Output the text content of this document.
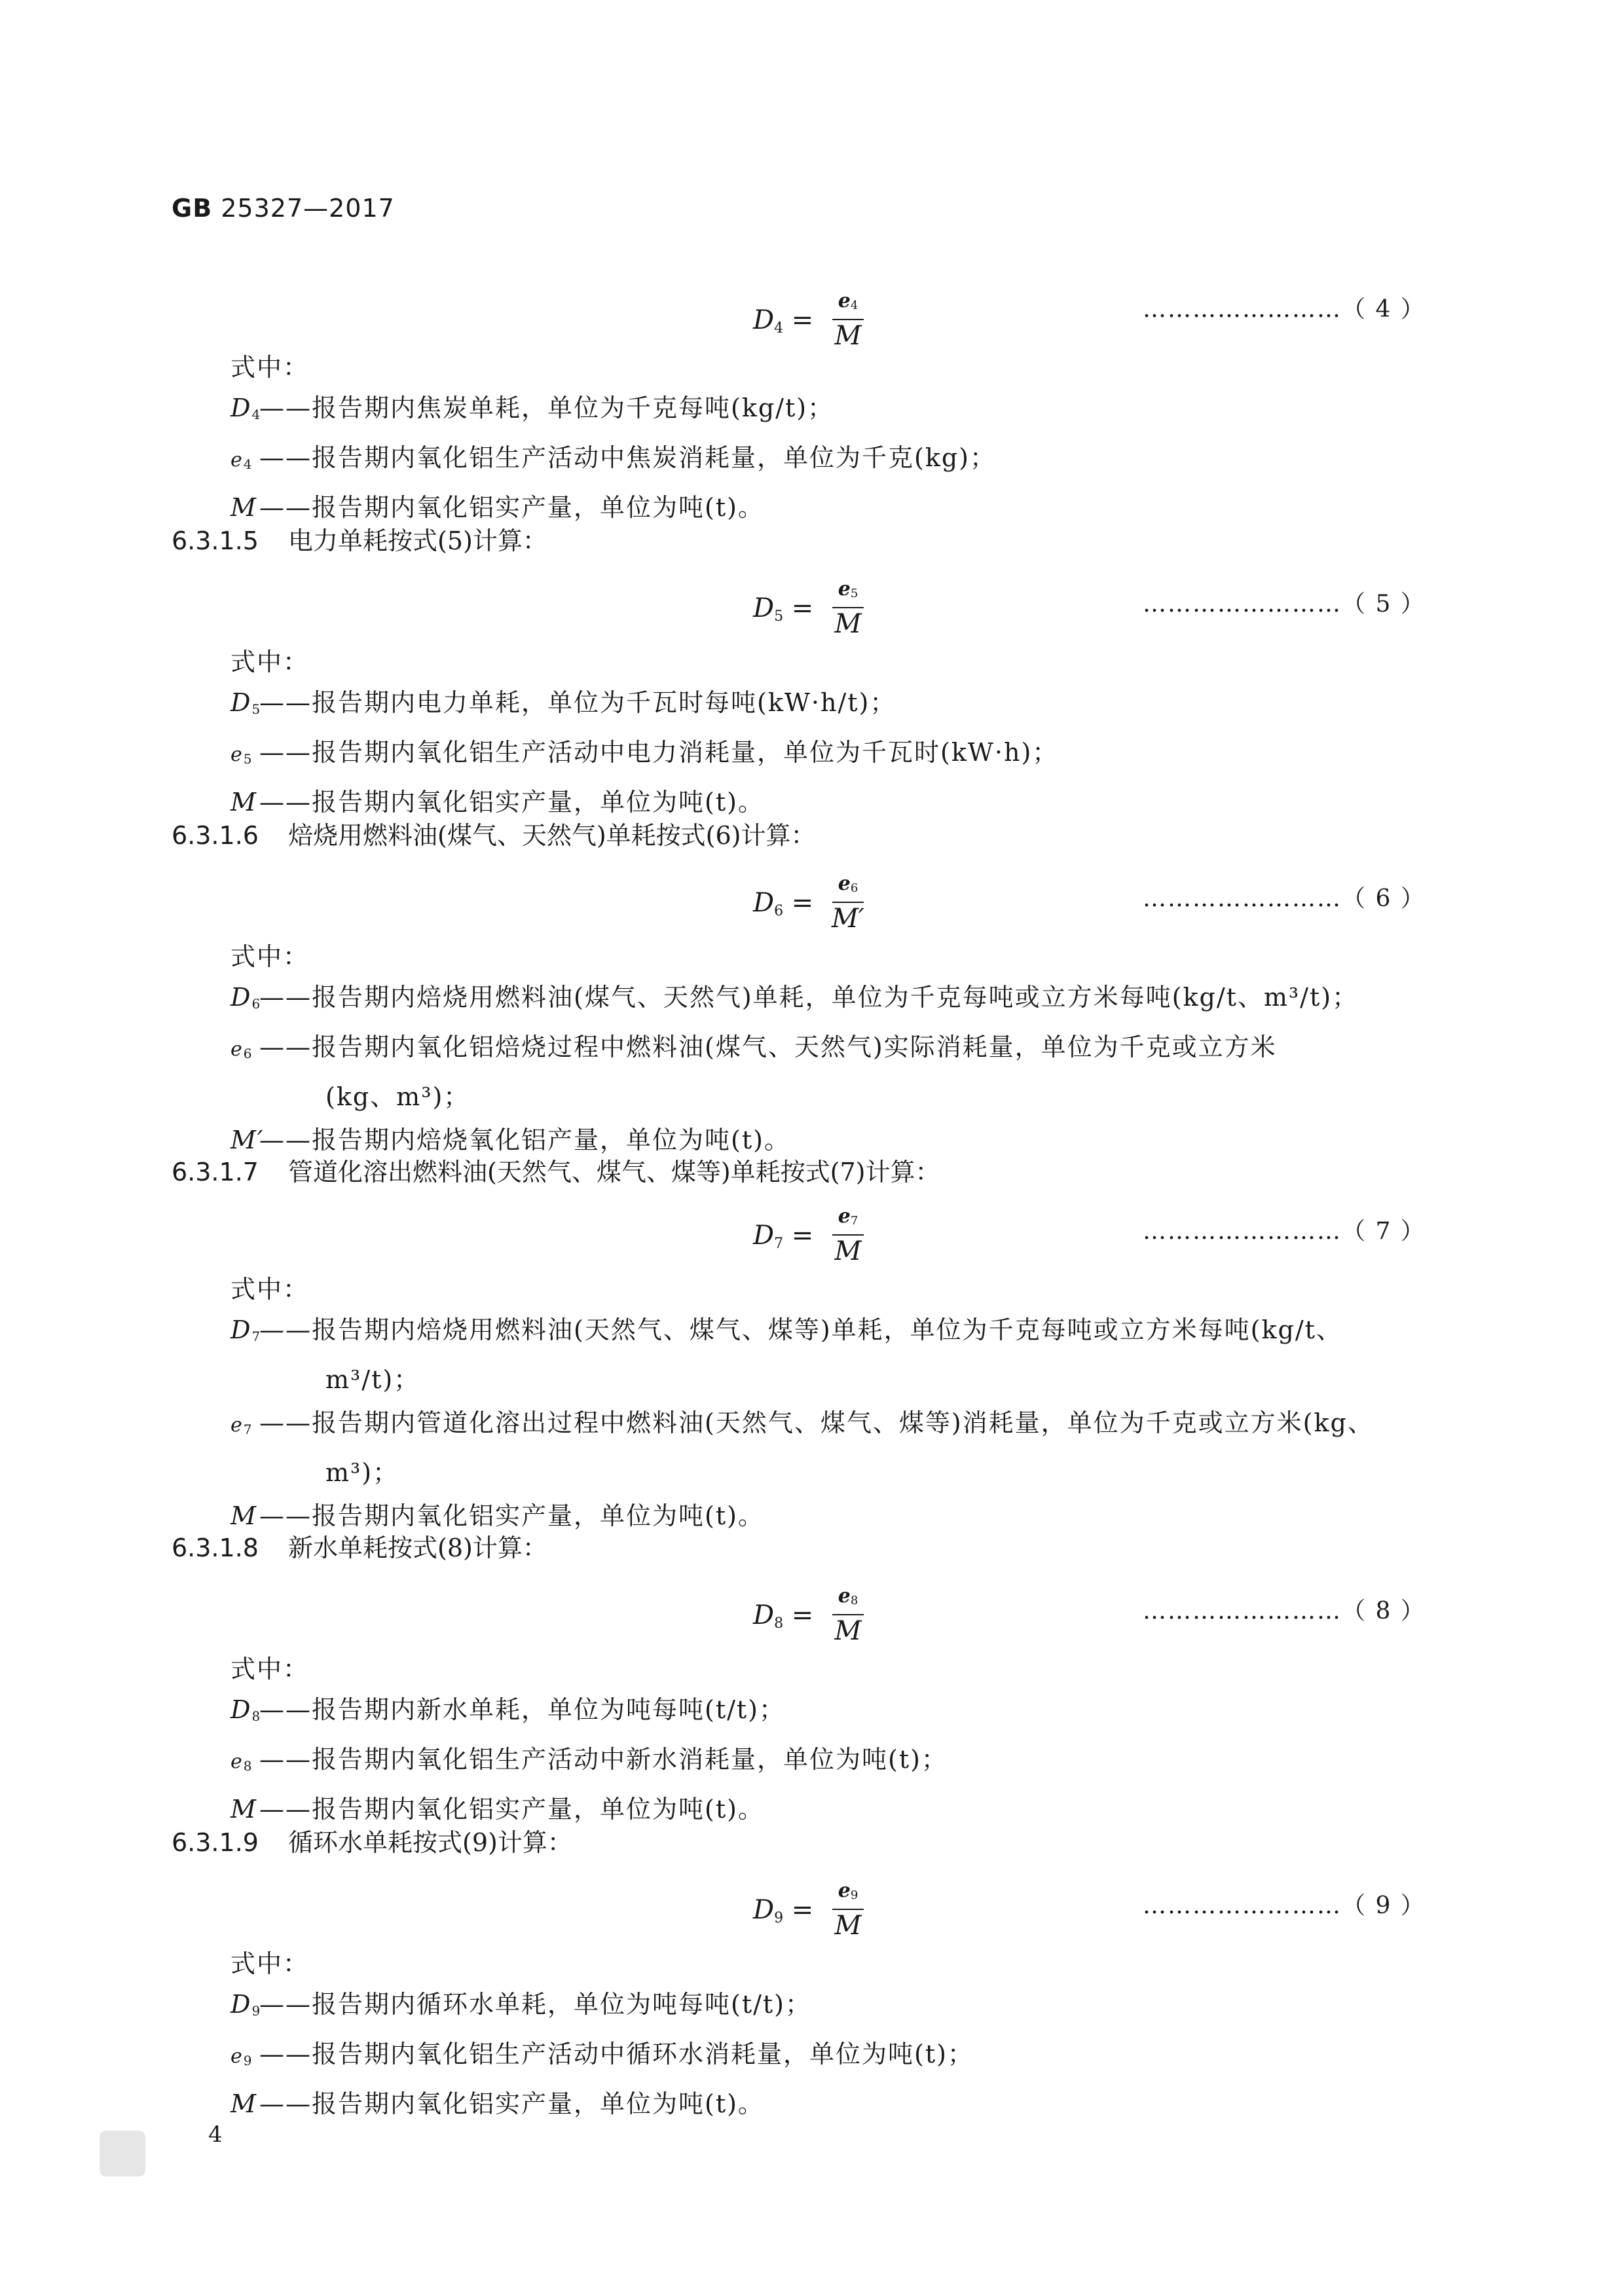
GB 25327—2017
$D_4$ =
e4
M
……………………（ 4 ）
式中：
$D_4——$报告期内焦炭单耗，单位为千克每吨(kg/t)；
$e_4$ ——报告期内氧化铝生产活动中焦炭消耗量，单位为千克(kg)；
M——报告期内氧化铝实产量，单位为吨(t)。
6.3.1.5 电力单耗按式(5)计算：
$D_5$ =
e5
M
……………………（ 5 ）
式中：
$D_5——$报告期内电力单耗，单位为千瓦时每吨(kW·h/t)；
$e_5$ ——报告期内氧化铝生产活动中电力消耗量，单位为千瓦时(kW·h)；
M——报告期内氧化铝实产量，单位为吨(t)。
6.3.1.6 焙烧用燃料油(煤气、天然气)单耗按式(6)计算：
$D_6$ =
e6
M′
……………………（ 6 ）
式中：
$D_6——$报告期内焙烧用燃料油(煤气、天然气)单耗，单位为千克每吨或立方米每吨(kg/t、m³/t)；
$e_6$ ——报告期内氧化铝焙烧过程中燃料油(煤气、天然气)实际消耗量，单位为千克或立方米
(kg、m³)；
M′——报告期内焙烧氧化铝产量，单位为吨(t)。
6.3.1.7 管道化溶出燃料油(天然气、煤气、煤等)单耗按式(7)计算：
$D_7$ =
e7
M
……………………（ 7 ）
式中：
$D_7——$报告期内焙烧用燃料油(天然气、煤气、煤等)单耗，单位为千克每吨或立方米每吨(kg/t、
m³/t)；
$e_7$ ——报告期内管道化溶出过程中燃料油(天然气、煤气、煤等)消耗量，单位为千克或立方米(kg、
m³)；
M——报告期内氧化铝实产量，单位为吨(t)。
6.3.1.8 新水单耗按式(8)计算：
$D_8$ =
e8
M
……………………（ 8 ）
式中：
$D_8——$报告期内新水单耗，单位为吨每吨(t/t)；
$e_8$ ——报告期内氧化铝生产活动中新水消耗量，单位为吨(t)；
M——报告期内氧化铝实产量，单位为吨(t)。
6.3.1.9 循环水单耗按式(9)计算：
$D_9$ =
e9
M
……………………（ 9 ）
式中：
$D_9——$报告期内循环水单耗，单位为吨每吨(t/t)；
$e_9$ ——报告期内氧化铝生产活动中循环水消耗量，单位为吨(t)；
M——报告期内氧化铝实产量，单位为吨(t)。
4
